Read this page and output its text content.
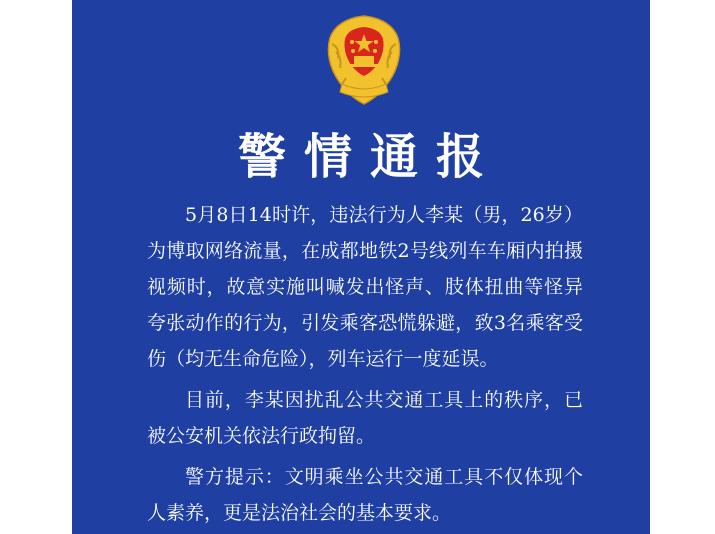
警情通报

5月8日14时许，违法行为人李某（男，26岁）为博取网络流量，在成都地铁2号线列车车厢内拍摄视频时，故意实施叫喊发出怪声、肢体扭曲等怪异夸张动作的行为，引发乘客恐慌躲避，致3名乘客受伤（均无生命危险），列车运行一度延误。

目前，李某因扰乱公共交通工具上的秩序，已被公安机关依法行政拘留。

警方提示：文明乘坐公共交通工具不仅体现个人素养，更是法治社会的基本要求。
